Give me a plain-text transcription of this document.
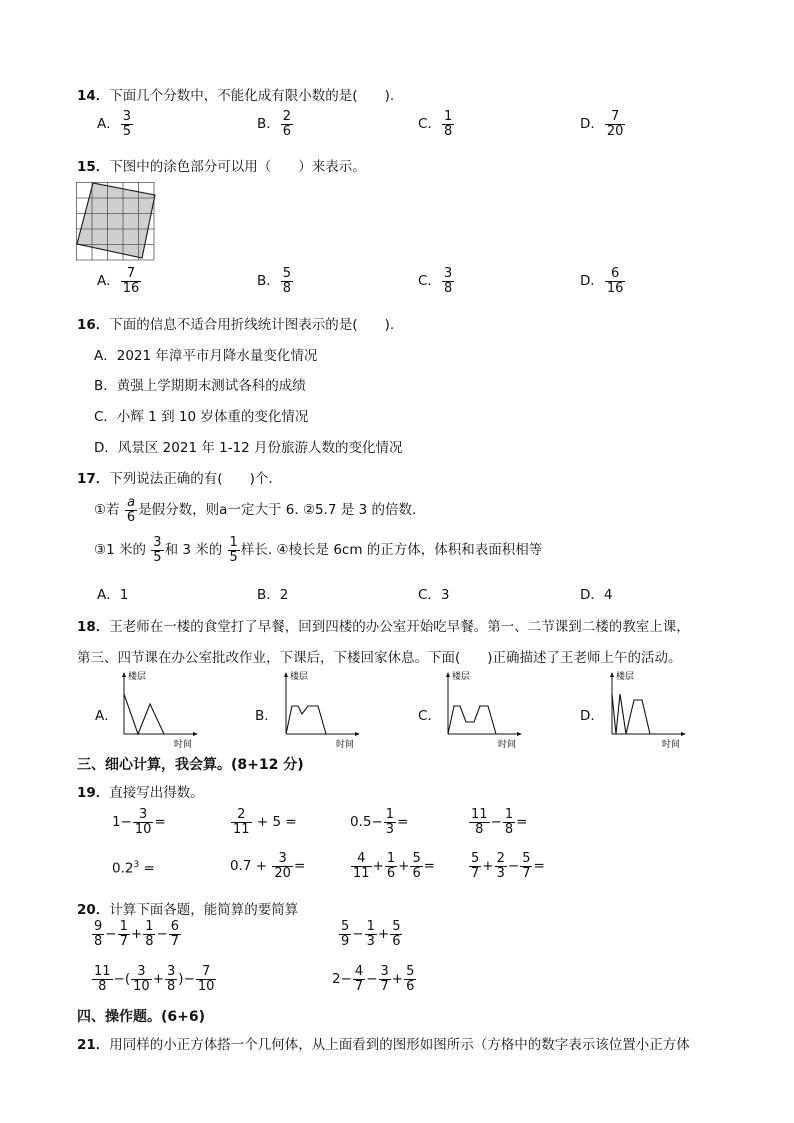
14．下面几个分数中，不能化成有限小数的是(　　).
A． $\frac{3}{5}$	B． $\frac{2}{6}$	C． $\frac{1}{8}$	D． $\frac{7}{20}$
15．下图中的涂色部分可以用（　　）来表示。
A． $\frac{7}{16}$	B． $\frac{5}{8}$	C． $\frac{3}{8}$	D． $\frac{6}{16}$
16．下面的信息不适合用折线统计图表示的是(　　).
A．2021 年漳平市月降水量变化情况
B．黄强上学期期末测试各科的成绩
C．小辉 1 到 10 岁体重的变化情况
D．风景区 2021 年 1-12 月份旅游人数的变化情况
17．下列说法正确的有(　　)个.
①若 $\frac{a}{6}$ 是假分数，则a一定大于 6. ②5.7 是 3 的倍数.
③1 米的 $\frac{3}{5}$ 和 3 米的 $\frac{1}{5}$ 样长. ④棱长是 6cm 的正方体，体积和表面积相等
A．1	B．2	C．3	D．4
18．王老师在一楼的食堂打了早餐，回到四楼的办公室开始吃早餐。第一、二节课到二楼的教室上课，
第三、四节课在办公室批改作业，下课后，下楼回家休息。下面(　　)正确描述了王老师上午的活动。
A．
楼层
时间
B．
楼层
时间
C．
楼层
时间
D．
楼层
时间
三、细心计算，我会算。(8+12 分)
19．直接写出得数。
$1- \frac{3}{10}$ =	$\frac{2}{11} + 5$ =	$0.5- \frac{1}{3}$ =	$\frac{11}{8} - \frac{1}{8}$ =
$0.2^3$ =	$0.7 + \frac{3}{20}$ =	$\frac{4}{11} + \frac{1}{6} + \frac{5}{6}$ =	$\frac{5}{7} + \frac{2}{3} - \frac{5}{7}$ =
20．计算下面各题，能简算的要简算
$\frac{9}{8} - \frac{1}{7} + \frac{1}{8} - \frac{6}{7}$	$\frac{5}{9} - \frac{1}{3} + \frac{5}{6}$
$\frac{11}{8}$ −( $\frac{3}{10} + \frac{3}{8}$ )− $\frac{7}{10}$	$2- \frac{4}{7} - \frac{3}{7} + \frac{5}{6}$
四、操作题。(6+6)
21．用同样的小正方体搭一个几何体，从上面看到的图形如图所示（方格中的数字表示该位置小正方体
